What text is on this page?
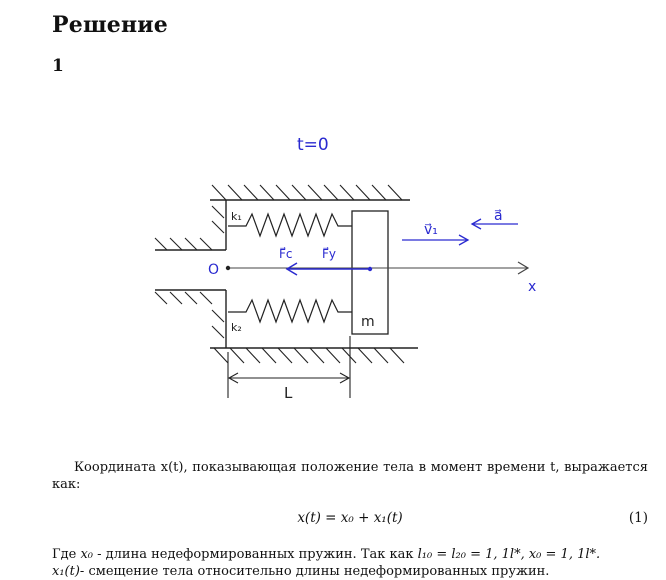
Решение
1
t=0
k₁
k₂	m
x
O
F⃗c F⃗y
v⃗₁
a⃗
L

Координата x(t), показывающая положение тела в момент времени t, выражается как:

x(t) = x₀ + x₁(t)	(1)

Где x₀ - длина недеформированных пружин. Так как l₁₀ = l₂₀ = 1, 1l*, x₀ = 1, 1l*.
x₁(t)- смещение тела относительно длины недеформированных пружин.
